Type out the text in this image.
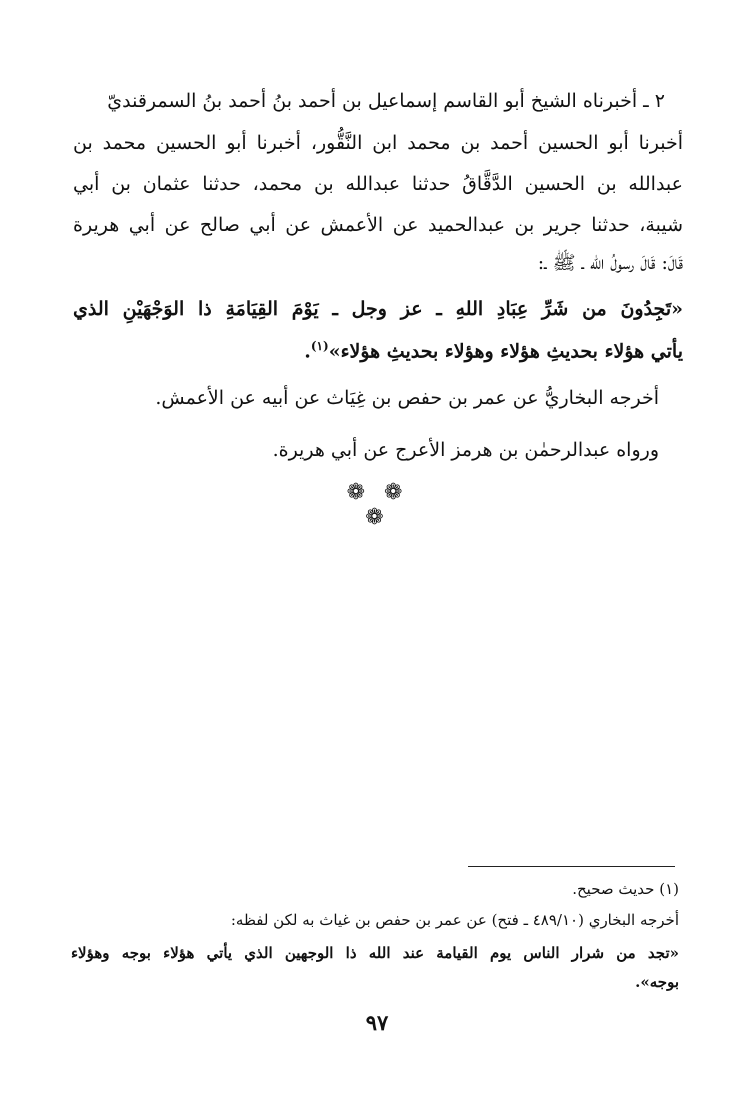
٢ ـ أخبرناه الشيخ أبو القاسم إسماعيل بن أحمد بنُ أحمد بنُ السمرقنديّ
أخبرنا أبو الحسين أحمد بن محمد ابن النَّقُّور، أخبرنا أبو الحسين محمد بن
عبدالله بن الحسين الدَّقَّاقُ حدثنا عبدالله بن محمد، حدثنا عثمان بن أبي
شيبة، حدثنا جرير بن عبدالحميد عن الأعمش عن أبي صالح عن أبي هريرة
قَالَ: قَالَ رسولُ الله ـ ﷺ ـ:
«تَجِدُونَ من شَرِّ عِبَادِ اللهِ ـ عز وجل ـ يَوْمَ القِيَامَةِ ذا الوَجْهَيْنِ الذي
يأتي هؤلاء بحديثِ هؤلاء وهؤلاء بحديثِ هؤلاء»$^{(١)}$.
أخرجه البخاريُّ عن عمر بن حفص بن غِيَاث عن أبيه عن الأعمش.
ورواه عبدالرحمٰن بن هرمز الأعرج عن أبي هريرة.
❁ ❁ ❁
(١) حديث صحيح.
أخرجه البخاري (٤٨٩/١٠ ـ فتح) عن عمر بن حفص بن غياث به لكن لفظه:
«تجد من شرار الناس يوم القيامة عند الله ذا الوجهين الذي يأتي هؤلاء بوجه وهؤلاء
بوجه».
٩٧
